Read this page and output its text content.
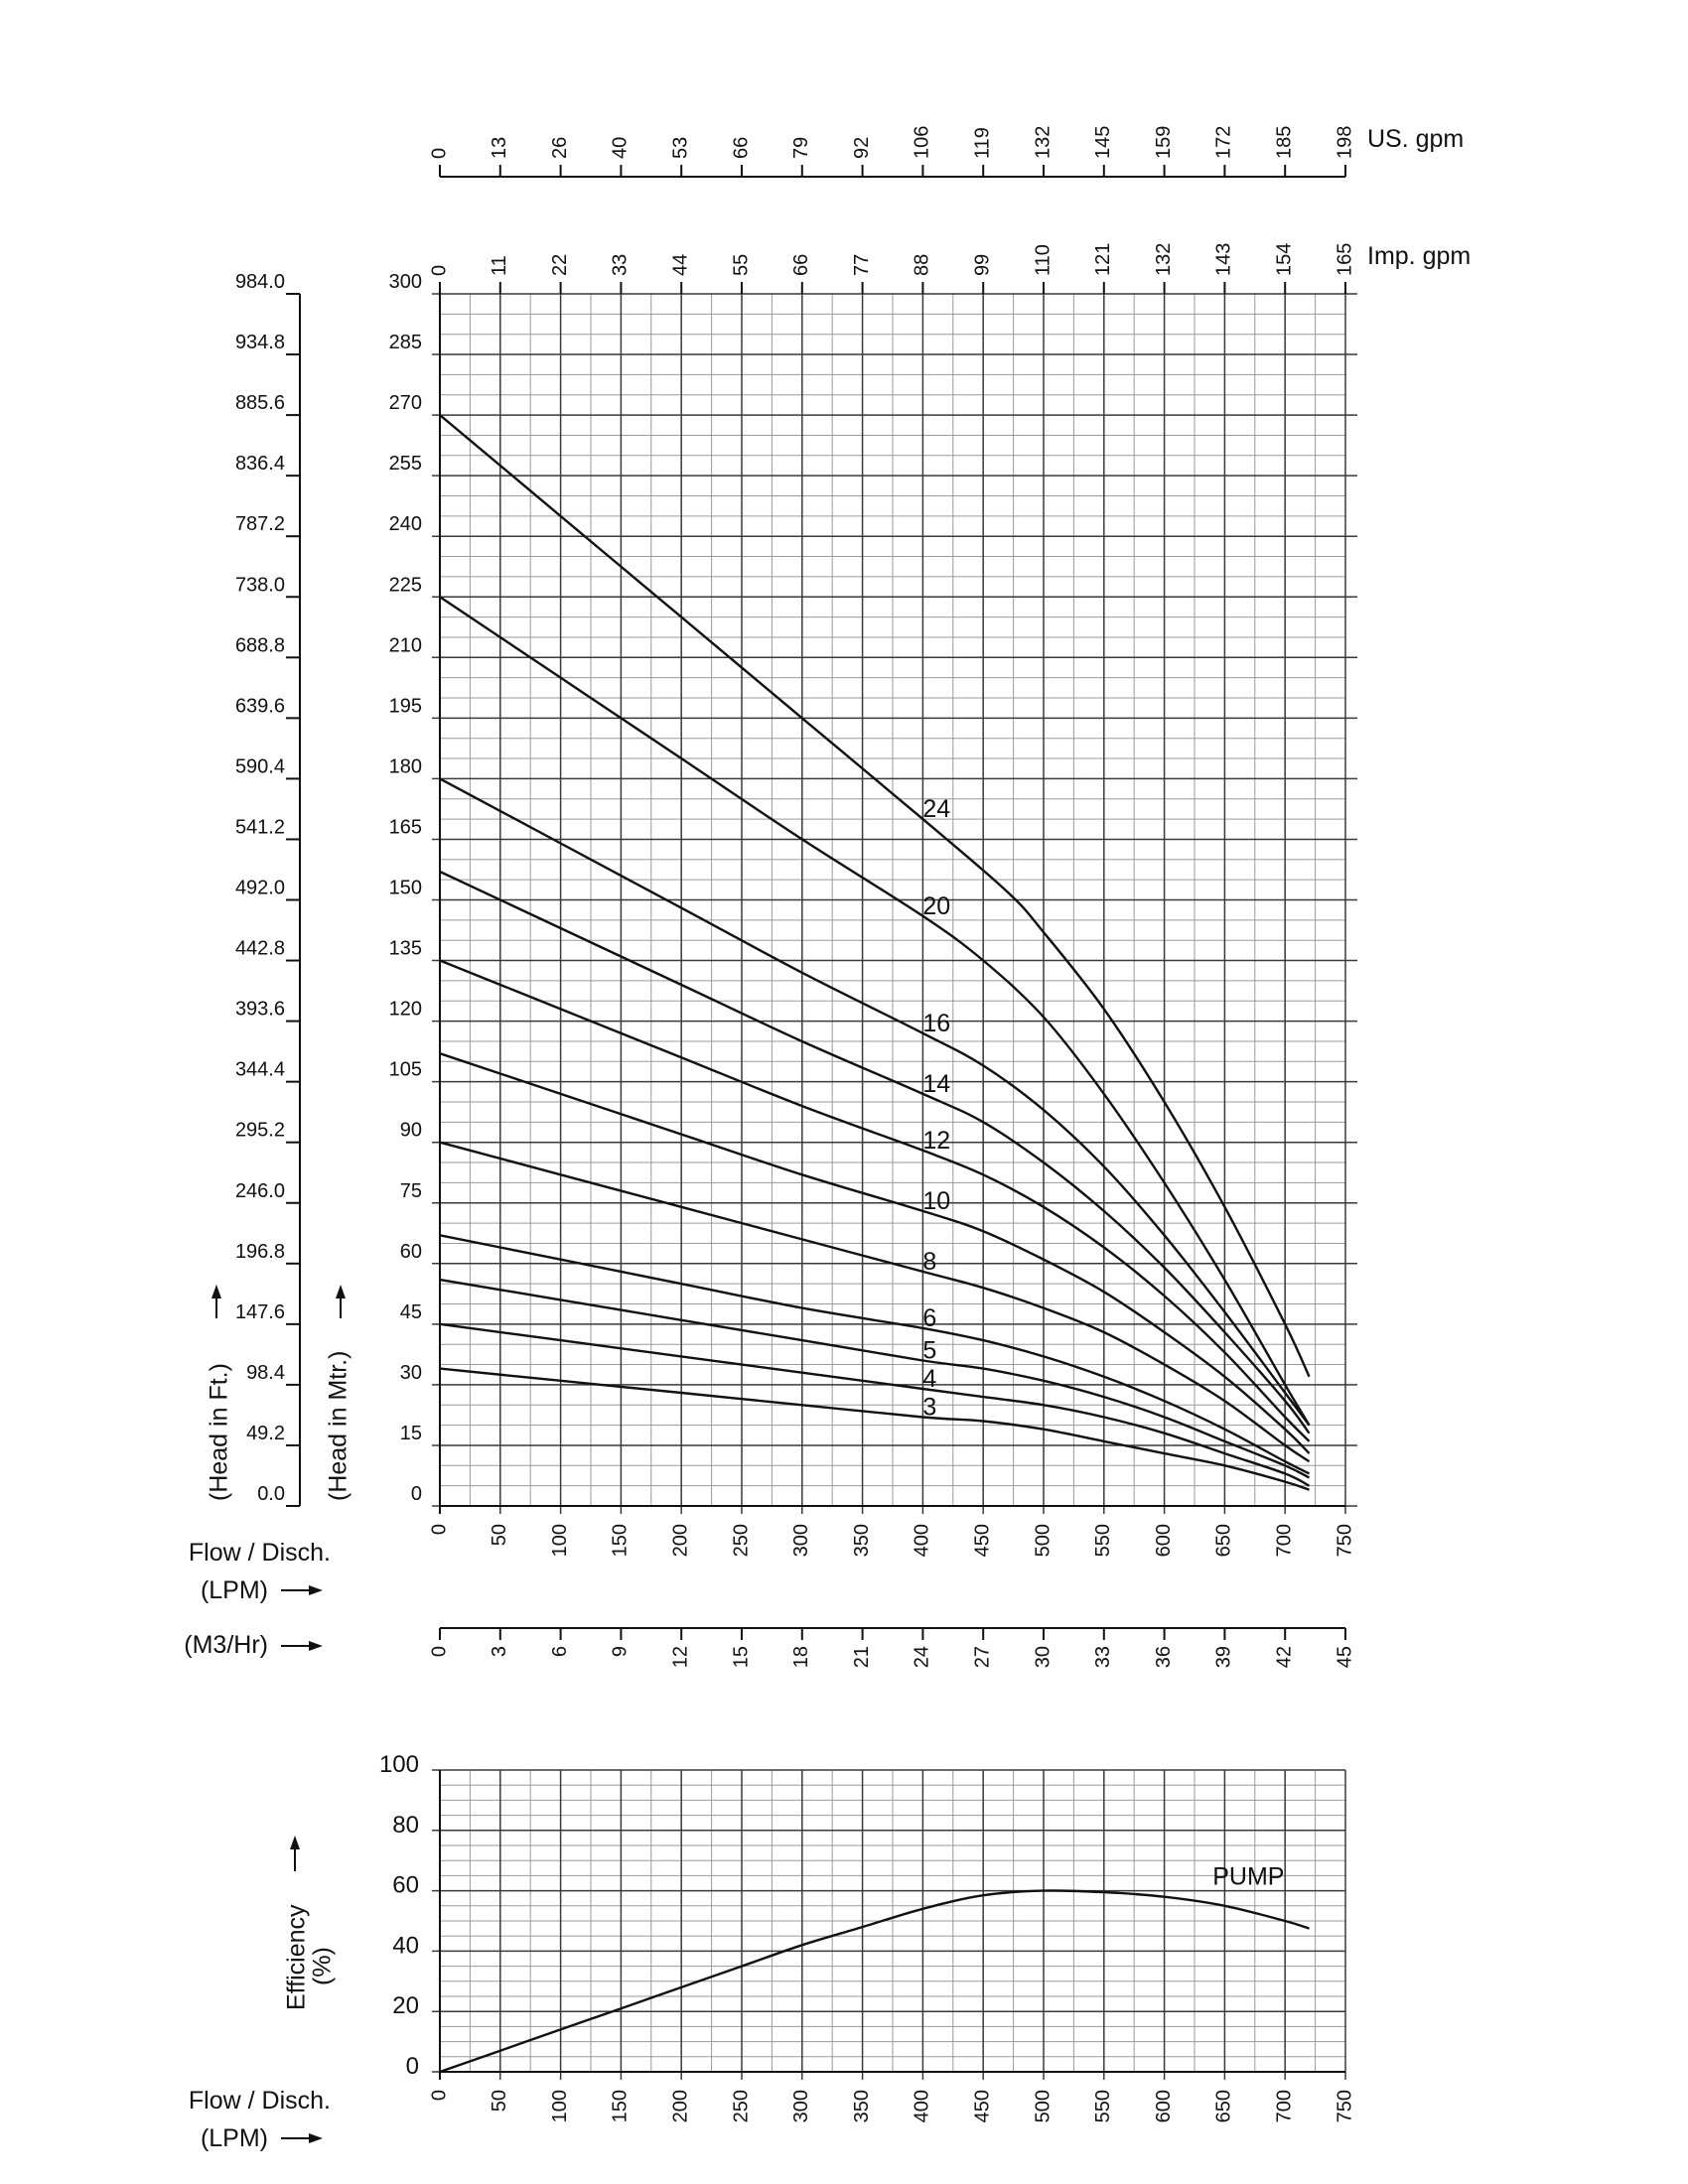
0
15
30
45
60
75
90
105
120
135
150
165
180
195
210
225
240
255
270
285
300
0.0
49.2
98.4
147.6
196.8
246.0
295.2
344.4
393.6
442.8
492.0
541.2
590.4
639.6
688.8
738.0
787.2
836.4
885.6
934.8
984.0
0 50 100 150 200 250 300 350 400 450 500 550 600 650 700 750
0 13 26 40 53 66 79 92 106 119 132 145 159 172 185 198 US. gpm
0 11 22 33 44 55 66 77 88 99 110 121 132 143 154 165 Imp. gpm
0 3 6 9 12 15 18 21 24 27 30 33 36 39 42 45
(M3/Hr)
Flow / Disch.
(LPM)
(Head in Ft.)	(Head in Mtr.)
24
20
16
14
12
10
8
6
5
4
3
0
20
40
60
80
100
0 50 100 150 200 250 300 350 400 450 500 550 600 650 700 750
Efficiency
(%)
Flow / Disch.
(LPM)
PUMP
